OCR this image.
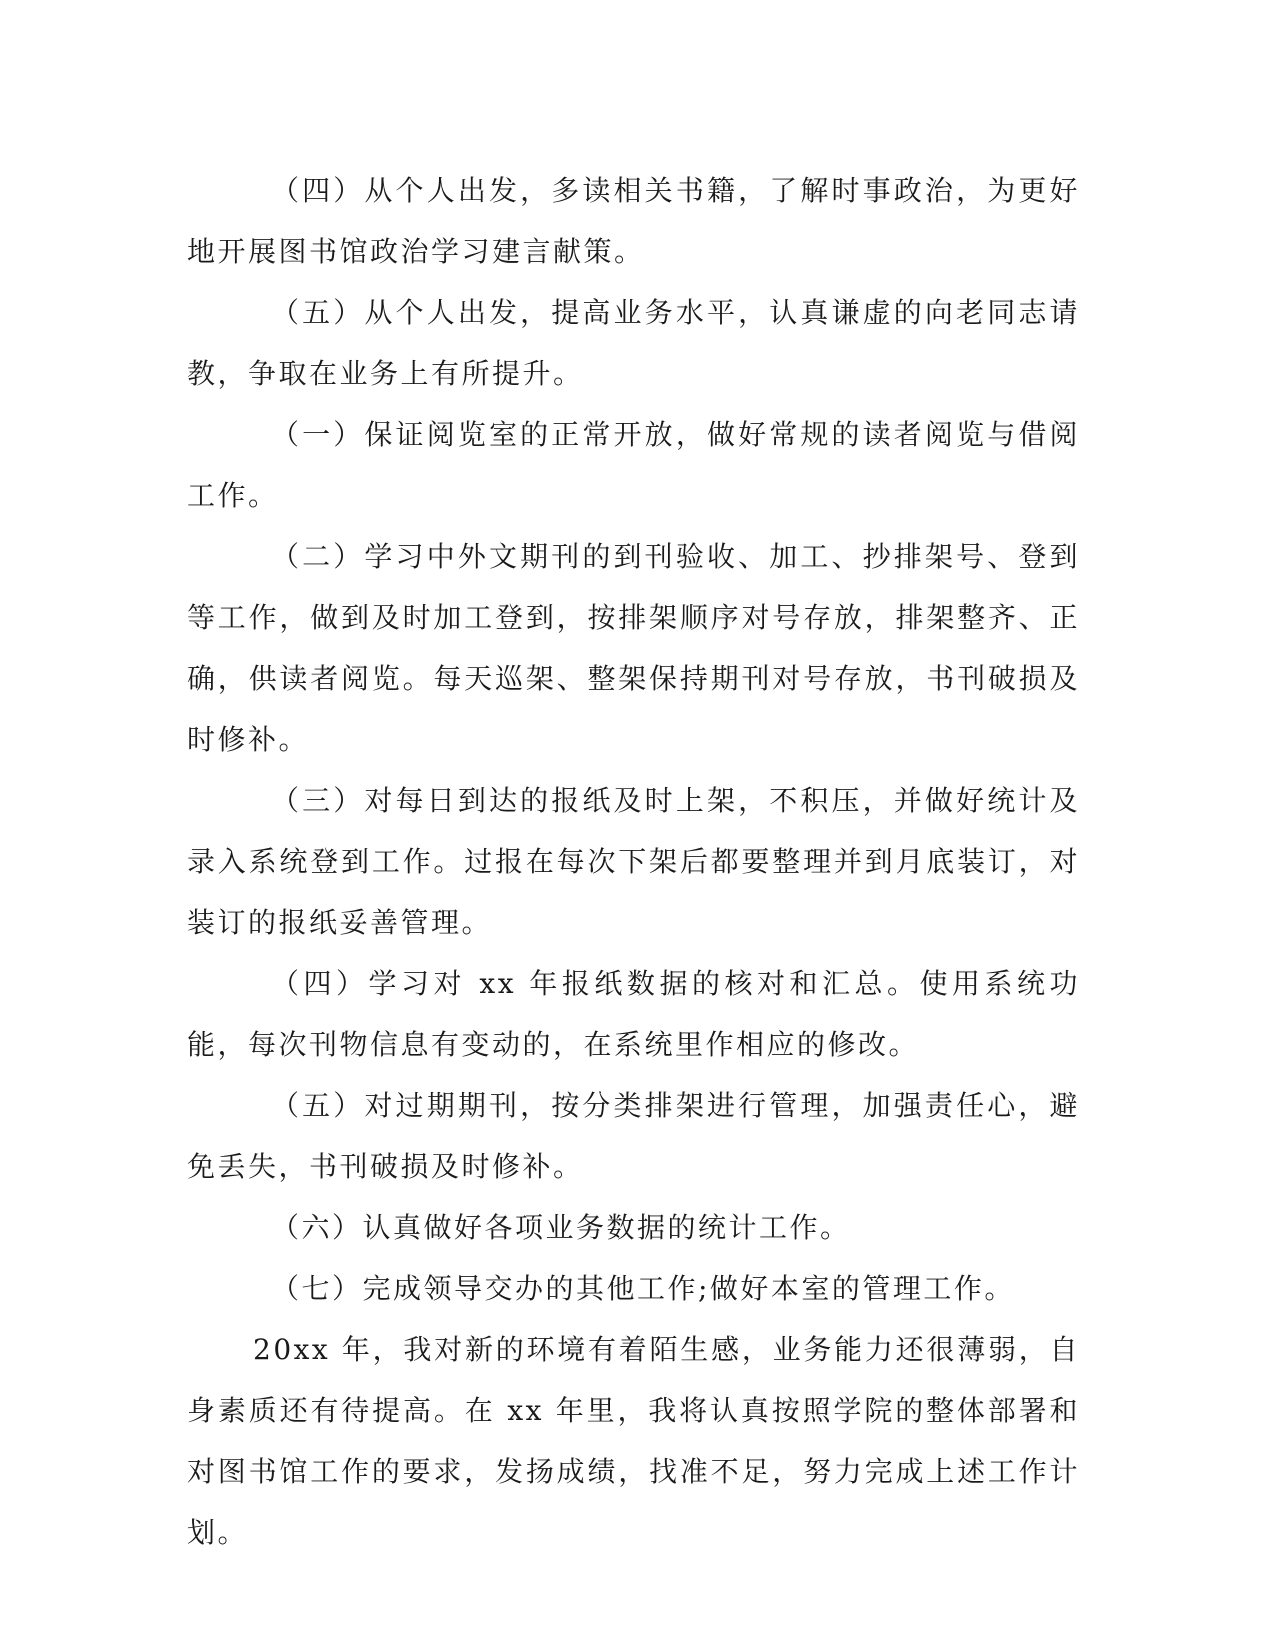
（四）从个人出发，多读相关书籍，了解时事政治，为更好地开展图书馆政治学习建言献策。

（五）从个人出发，提高业务水平，认真谦虚的向老同志请教，争取在业务上有所提升。

（一）保证阅览室的正常开放，做好常规的读者阅览与借阅工作。

（二）学习中外文期刊的到刊验收、加工、抄排架号、登到等工作，做到及时加工登到，按排架顺序对号存放，排架整齐、正确，供读者阅览。每天巡架、整架保持期刊对号存放，书刊破损及时修补。

（三）对每日到达的报纸及时上架，不积压，并做好统计及录入系统登到工作。过报在每次下架后都要整理并到月底装订，对装订的报纸妥善管理。

（四）学习对 xx 年报纸数据的核对和汇总。使用系统功能，每次刊物信息有变动的，在系统里作相应的修改。

（五）对过期期刊，按分类排架进行管理，加强责任心，避免丢失，书刊破损及时修补。

（六）认真做好各项业务数据的统计工作。

（七）完成领导交办的其他工作;做好本室的管理工作。

20xx 年，我对新的环境有着陌生感，业务能力还很薄弱，自身素质还有待提高。在 xx 年里，我将认真按照学院的整体部署和对图书馆工作的要求，发扬成绩，找准不足，努力完成上述工作计划。
